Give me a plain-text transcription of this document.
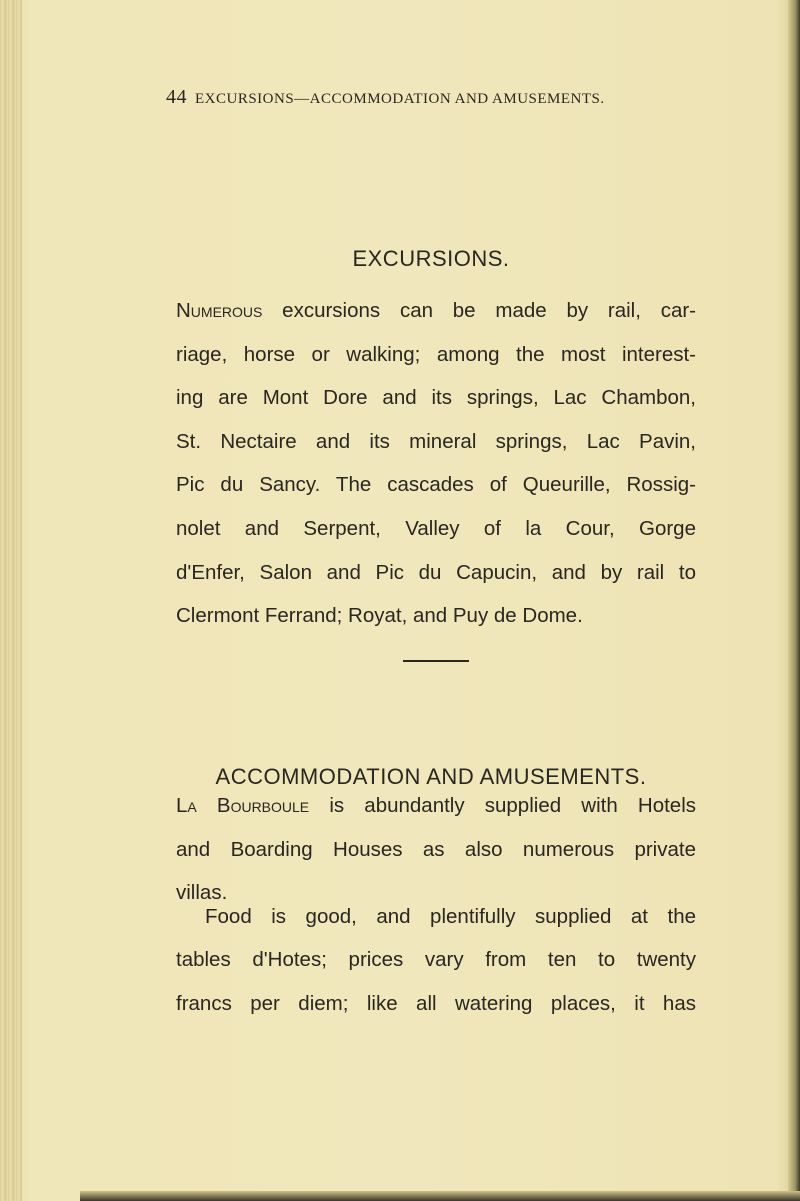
44 EXCURSIONS—ACCOMMODATION AND AMUSEMENTS.
EXCURSIONS.
Numerous excursions can be made by rail, car-
riage, horse or walking; among the most interest-
ing are Mont Dore and its springs, Lac Chambon,
St. Nectaire and its mineral springs, Lac Pavin,
Pic du Sancy. The cascades of Queurille, Rossig-
nolet and Serpent, Valley of la Cour, Gorge
d'Enfer, Salon and Pic du Capucin, and by rail to
Clermont Ferrand; Royat, and Puy de Dome.
ACCOMMODATION AND AMUSEMENTS.
La Bourboule is abundantly supplied with Hotels
and Boarding Houses as also numerous private
villas.
Food is good, and plentifully supplied at the
tables d'Hotes; prices vary from ten to twenty
francs per diem; like all watering places, it has
